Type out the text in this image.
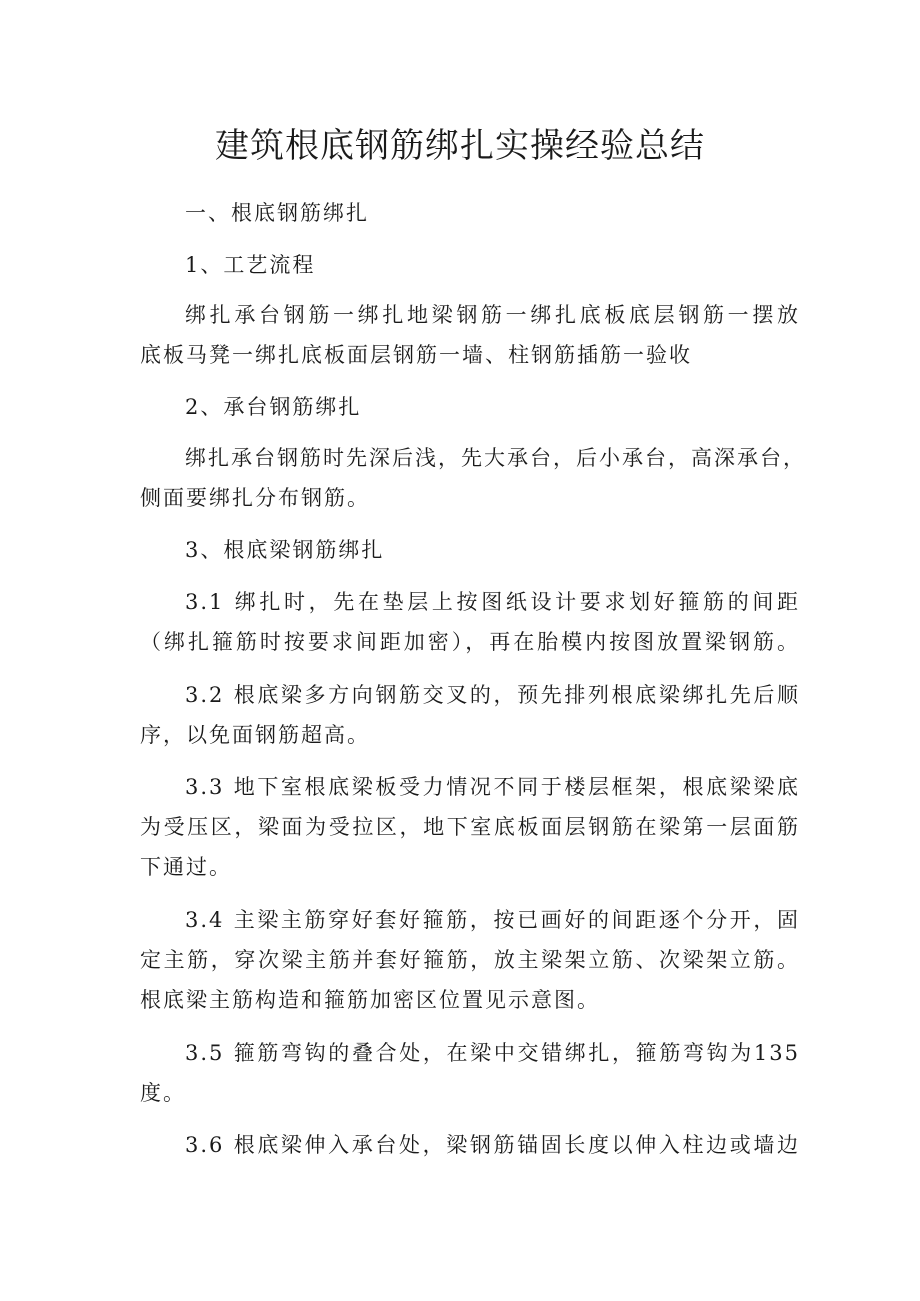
建筑根底钢筋绑扎实操经验总结
一、根底钢筋绑扎
1、工艺流程
绑扎承台钢筋一绑扎地梁钢筋一绑扎底板底层钢筋一摆放
底板马凳一绑扎底板面层钢筋一墙、柱钢筋插筋一验收
2、承台钢筋绑扎
绑扎承台钢筋时先深后浅，先大承台，后小承台，高深承台，
侧面要绑扎分布钢筋。
3、根底梁钢筋绑扎
3.1 绑扎时，先在垫层上按图纸设计要求划好箍筋的间距
（绑扎箍筋时按要求间距加密），再在胎模内按图放置梁钢筋。
3.2 根底梁多方向钢筋交叉的，预先排列根底梁绑扎先后顺
序，以免面钢筋超高。
3.3 地下室根底梁板受力情况不同于楼层框架，根底梁梁底
为受压区，梁面为受拉区，地下室底板面层钢筋在梁第一层面筋
下通过。
3.4 主梁主筋穿好套好箍筋，按已画好的间距逐个分开，固
定主筋，穿次梁主筋并套好箍筋，放主梁架立筋、次梁架立筋。
根底梁主筋构造和箍筋加密区位置见示意图。
3.5 箍筋弯钩的叠合处，在梁中交错绑扎，箍筋弯钩为135
度。
3.6 根底梁伸入承台处，梁钢筋锚固长度以伸入柱边或墙边
